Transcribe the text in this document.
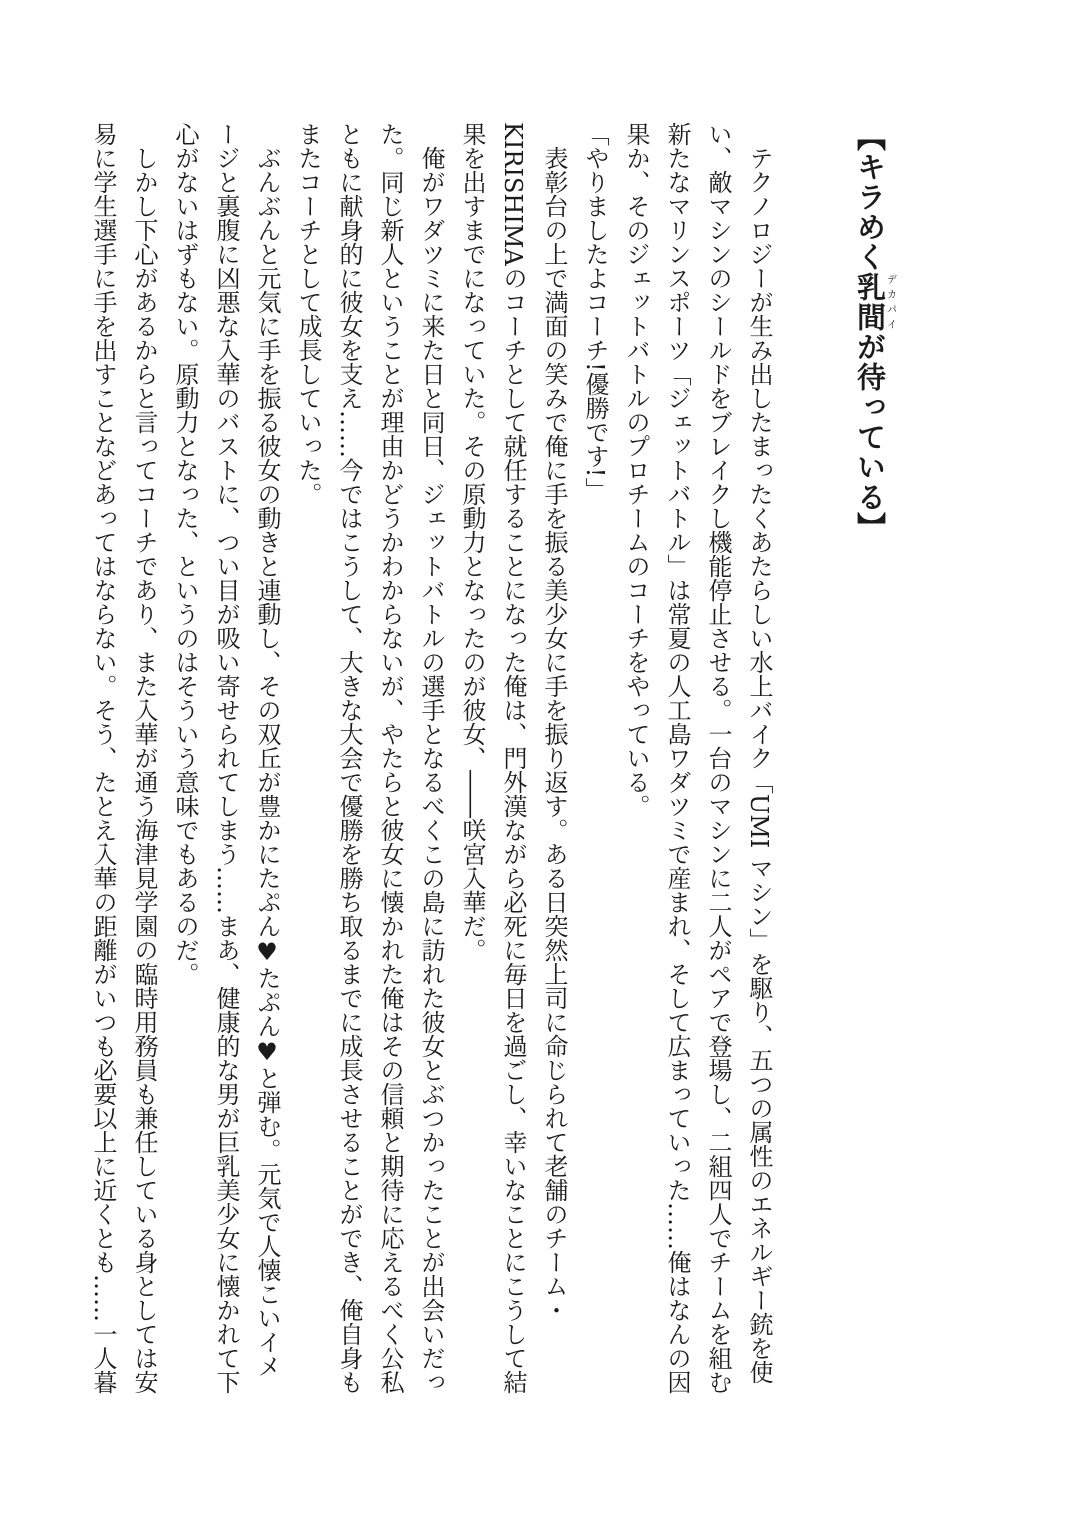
【キラめく乳間デカパイが待っている】

テクノロジーが生み出したまったくあたらしい水上バイク「UMI マシン」を駆り、五つの属性のエネルギー銃を使い、敵マシンのシールドをブレイクし機能停止させる。一台のマシンに二人がペアで登場し、二組四人でチームを組む新たなマリンスポーツ「ジェットバトル」は常夏の人工島ワダツミで産まれ、そして広まっていった……俺はなんの因果か、そのジェットバトルのプロチームのコーチをやっている。

「やりましたよコーチ!優勝です!」

表彰台の上で満面の笑みで俺に手を振る美少女に手を振り返す。ある日突然上司に命じられて老舗のチーム・KIRISHIMAのコーチとして就任することになった俺は、門外漢ながら必死に毎日を過ごし、幸いなことにこうして結果を出すまでになっていた。その原動力となったのが彼女、――咲宮入華だ。

俺がワダツミに来た日と同日、ジェットバトルの選手となるべくこの島に訪れた彼女とぶつかったことが出会いだった。同じ新人ということが理由かどうかわからないが、やたらと彼女に懐かれた俺はその信頼と期待に応えるべく公私ともに献身的に彼女を支え……今ではこうして、大きな大会で優勝を勝ち取るまでに成長させることができ、俺自身もまたコーチとして成長していった。

ぶんぶんと元気に手を振る彼女の動きと連動し、その双丘が豊かにたぷん♥たぷん♥と弾む。元気で人懐こいイメージと裏腹に凶悪な入華のバストに、つい目が吸い寄せられてしまう……まあ、健康的な男が巨乳美少女に懐かれて下心がないはずもない。原動力となった、というのはそういう意味でもあるのだ。

しかし下心があるからと言ってコーチであり、また入華が通う海津見学園の臨時用務員も兼任している身としては安易に学生選手に手を出すことなどあってはならない。そう、たとえ入華の距離がいつも必要以上に近くとも……一人暮
